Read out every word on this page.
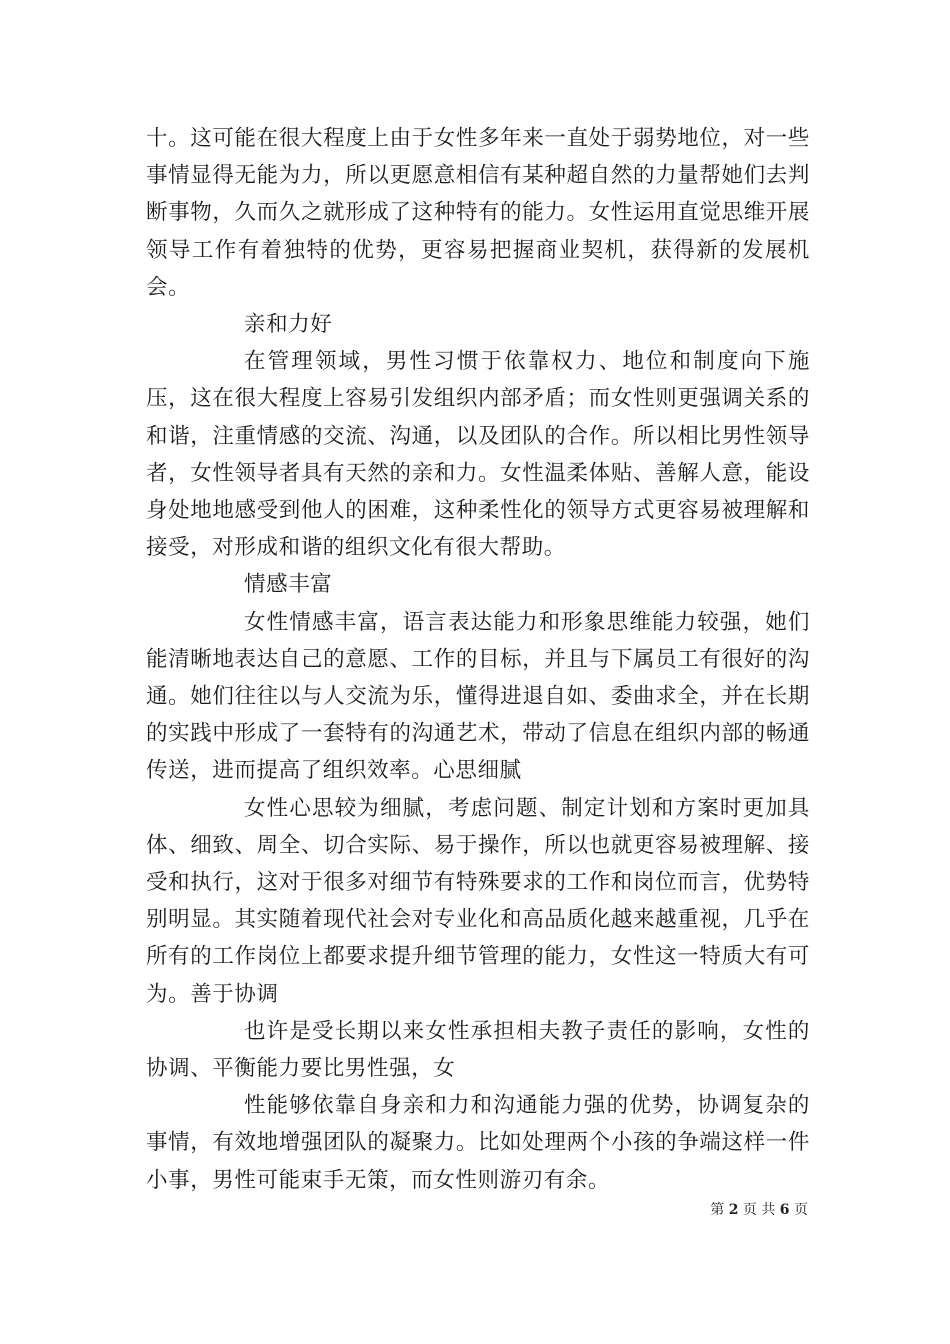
十。这可能在很大程度上由于女性多年来一直处于弱势地位，对一些事情显得无能为力，所以更愿意相信有某种超自然的力量帮她们去判断事物，久而久之就形成了这种特有的能力。女性运用直觉思维开展领导工作有着独特的优势，更容易把握商业契机，获得新的发展机会。

亲和力好

在管理领域，男性习惯于依靠权力、地位和制度向下施压，这在很大程度上容易引发组织内部矛盾；而女性则更强调关系的和谐，注重情感的交流、沟通，以及团队的合作。所以相比男性领导者，女性领导者具有天然的亲和力。女性温柔体贴、善解人意，能设身处地地感受到他人的困难，这种柔性化的领导方式更容易被理解和接受，对形成和谐的组织文化有很大帮助。

情感丰富

女性情感丰富，语言表达能力和形象思维能力较强，她们能清晰地表达自己的意愿、工作的目标，并且与下属员工有很好的沟通。她们往往以与人交流为乐，懂得进退自如、委曲求全，并在长期的实践中形成了一套特有的沟通艺术，带动了信息在组织内部的畅通传送，进而提高了组织效率。心思细腻

女性心思较为细腻，考虑问题、制定计划和方案时更加具体、细致、周全、切合实际、易于操作，所以也就更容易被理解、接受和执行，这对于很多对细节有特殊要求的工作和岗位而言，优势特别明显。其实随着现代社会对专业化和高品质化越来越重视，几乎在所有的工作岗位上都要求提升细节管理的能力，女性这一特质大有可为。善于协调

也许是受长期以来女性承担相夫教子责任的影响，女性的协调、平衡能力要比男性强，女

性能够依靠自身亲和力和沟通能力强的优势，协调复杂的事情，有效地增强团队的凝聚力。比如处理两个小孩的争端这样一件小事，男性可能束手无策，而女性则游刃有余。

第 2 页 共 6 页
